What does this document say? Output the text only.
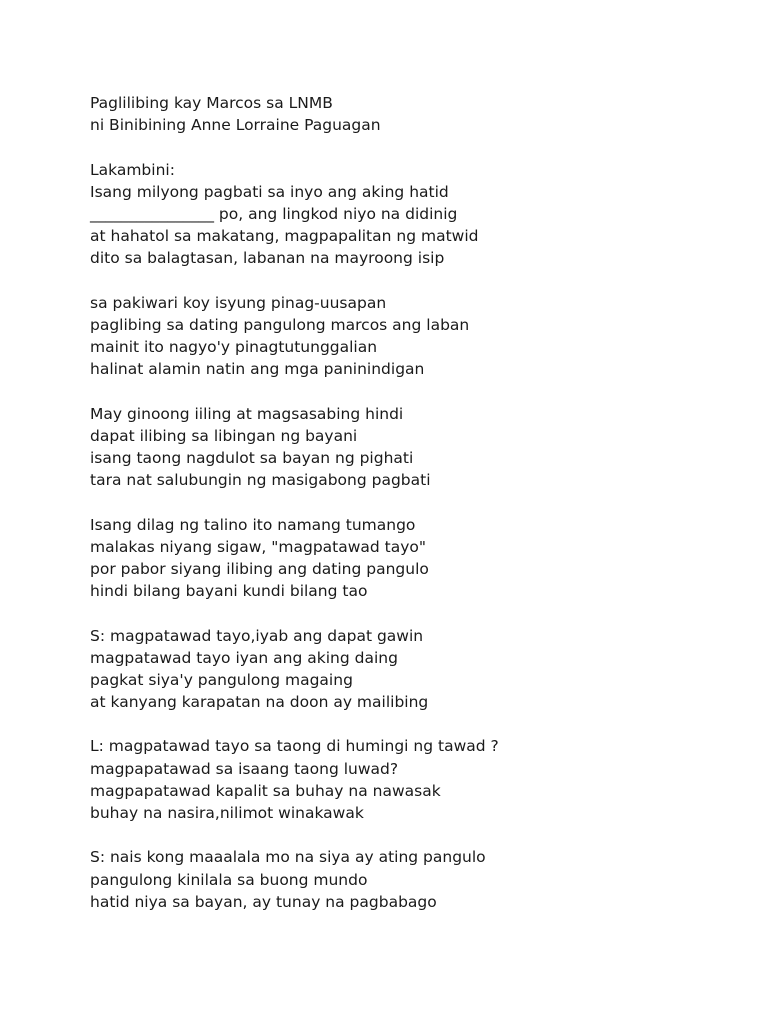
Paglilibing kay Marcos sa LNMB
ni Binibining Anne Lorraine Paguagan
Lakambini:
Isang milyong pagbati sa inyo ang aking hatid
________________ po, ang lingkod niyo na didinig
at hahatol sa makatang, magpapalitan ng matwid
dito sa balagtasan, labanan na mayroong isip
sa pakiwari koy isyung pinag-uusapan
paglibing sa dating pangulong marcos ang laban
mainit ito nagyo'y pinagtutunggalian
halinat alamin natin ang mga paninindigan
May ginoong iiling at magsasabing hindi
dapat ilibing sa libingan ng bayani
isang taong nagdulot sa bayan ng pighati
tara nat salubungin ng masigabong pagbati
Isang dilag ng talino ito namang tumango
malakas niyang sigaw, "magpatawad tayo"
por pabor siyang ilibing ang dating pangulo
hindi bilang bayani kundi bilang tao
S: magpatawad tayo,iyab ang dapat gawin
magpatawad tayo iyan ang aking daing
pagkat siya'y pangulong magaing
at kanyang karapatan na doon ay mailibing
L: magpatawad tayo sa taong di humingi ng tawad ?
magpapatawad sa isaang taong luwad?
magpapatawad kapalit sa buhay na nawasak
buhay na nasira,nilimot winakawak
S: nais kong maaalala mo na siya ay ating pangulo
pangulong kinilala sa buong mundo
hatid niya sa bayan, ay tunay na pagbabago
